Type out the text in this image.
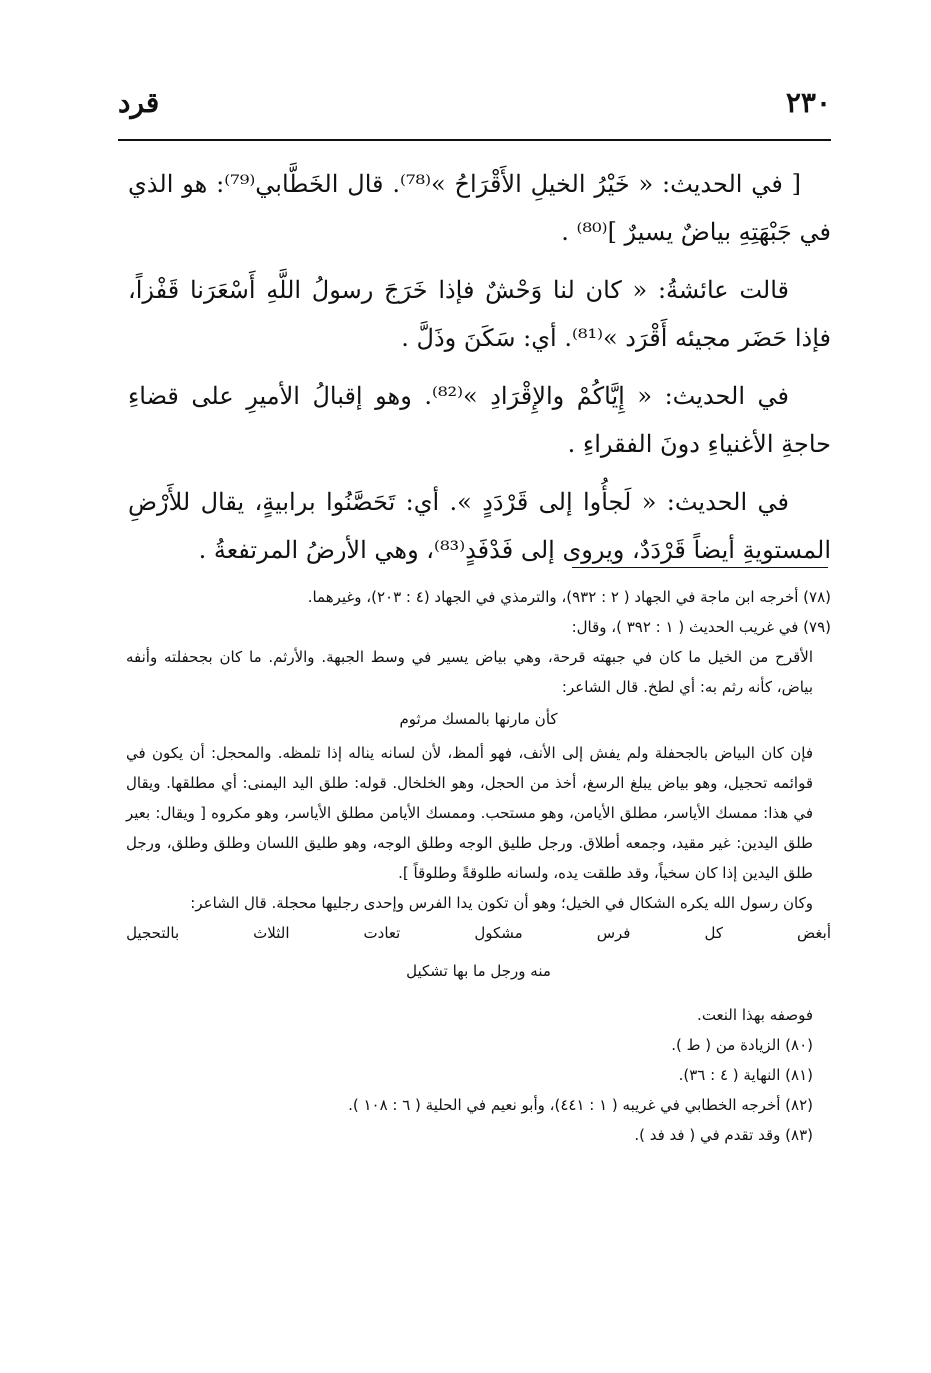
٢٣٠
قرد

[ في الحديث: « خَيْرُ الخيلِ الأَقْرَاحُ »⁽⁷⁸⁾. قال الخَطَّابي⁽⁷⁹⁾: هو الذي في جَبْهَتِهِ بياضٌ يسيرٌ ]⁽⁸⁰⁾ .

قالت عائشةُ: « كان لنا وَحْشٌ فإذا خَرَجَ رسولُ اللَّهِ أَسْعَرَنا قَفْزاً، فإذا حَضَر مجيئه أَقْرَد »⁽⁸¹⁾. أي: سَكَنَ وذَلَّ .

في الحديث: « إِيَّاكُمْ والإِقْرَادِ »⁽⁸²⁾. وهو إقبالُ الأميرِ على قضاءِ حاجةِ الأغنياءِ دونَ الفقراءِ .

في الحديث: « لَجأُوا إلى قَرْدَدٍ ». أي: تَحَصَّنُوا برابيةٍ، يقال للأَرْضِ المستويةِ أيضاً قَرْدَدٌ، ويروى إلى فَدْفَدٍ⁽⁸³⁾، وهي الأرضُ المرتفعةُ .

(٧٨) أخرجه ابن ماجة في الجهاد ( ٢ : ٩٣٢)، والترمذي في الجهاد (٤ : ٢٠٣)، وغيرهما.

(٧٩) في غريب الحديث ( ١ : ٣٩٢ )، وقال:

الأقرح من الخيل ما كان في جبهته قرحة، وهي بياض يسير في وسط الجبهة. والأرثم. ما كان بجحفلته وأنفه بياض، كأنه رثم به: أي لطخ. قال الشاعر:

كأن مارنها بالمسك مرثوم

فإن كان البياض بالجحفلة ولم يفش إلى الأنف، فهو ألمظ، لأن لسانه يناله إذا تلمظه. والمحجل: أن يكون في قوائمه تحجيل، وهو بياض يبلغ الرسغ، أخذ من الحجل، وهو الخلخال. قوله: طلق اليد اليمنى: أي مطلقها. ويقال في هذا: ممسك الأياسر، مطلق الأيامن، وهو مستحب. وممسك الأيامن مطلق الأياسر، وهو مكروه [ ويقال: بعير طلق اليدين: غير مقيد، وجمعه أطلاق. ورجل طليق الوجه وطلق الوجه، وهو طليق اللسان وطلق وطلق، ورجل طلق اليدين إذا كان سخياً، وقد طلقت يده، ولسانه طلوقةً وطلوقاً ].

وكان رسول الله يكره الشكال في الخيل؛ وهو أن تكون يدا الفرس وإحدى رجليها محجلة. قال الشاعر:

أبغض
كل
فرس
مشكول
تعادت
الثلاث
بالتحجيل

منه ورجل ما بها تشكيل

فوصفه بهذا النعت.

(٨٠) الزيادة من ( ط ).

(٨١) النهاية ( ٤ : ٣٦).

(٨٢) أخرجه الخطابي في غريبه ( ١ : ٤٤١)، وأبو نعيم في الحلية ( ٦ : ١٠٨ ).

(٨٣) وقد تقدم في ( فد فد ).
